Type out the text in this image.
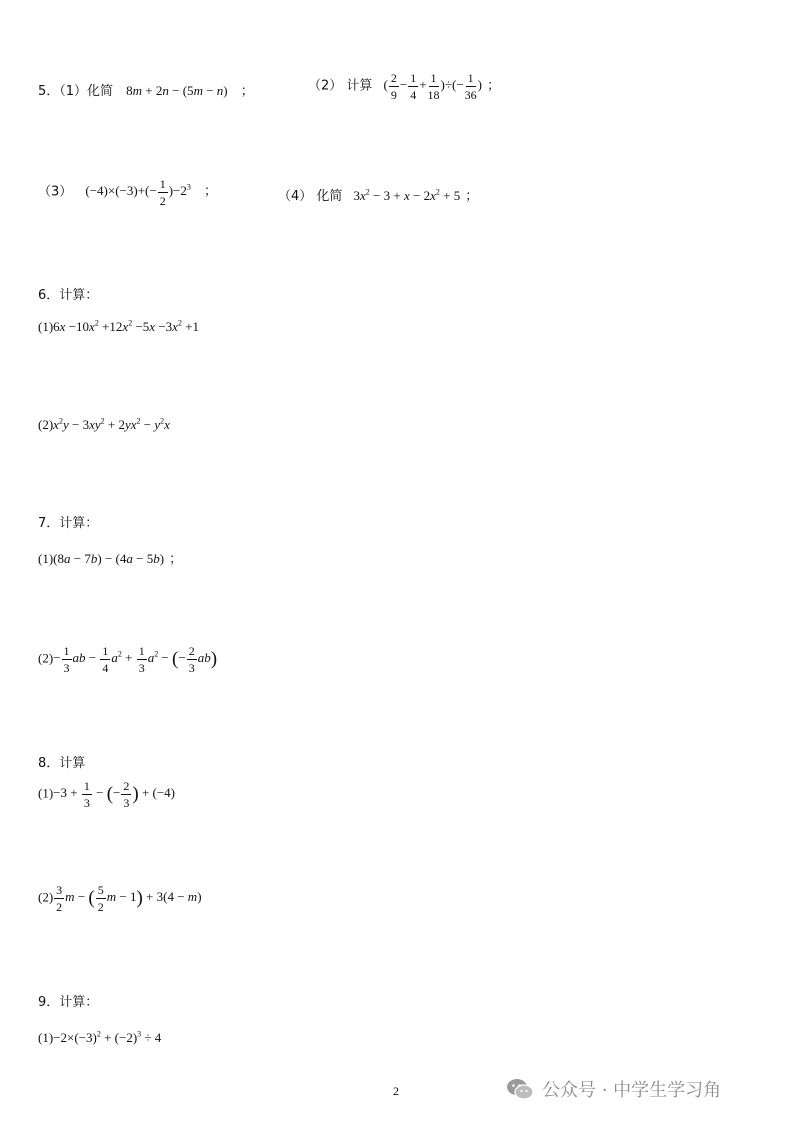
5．（1）化简 8m + 2n − (5m − n) ；	（2） 计算 ( $\frac{2}{9} - \frac{1}{4} + \frac{1}{18}$ )÷(− $\frac{1}{36}$ ) ；
（3） $(-4)\times(-3)+(- \frac{1}{2} )-2^3$ ；	（4） 化简 $3x^2 - 3 + x - 2x^2 + 5$ ；
6．计算：
$(1)6x -10x^2 +12x^2 -5x -3x^2 +1$
$(2)x^2y - 3xy^2 + 2yx^2 - y^2x$
7．计算：
(1)(8a − 7b) − (4a − 5b) ；
$(2)- \frac{1}{3}$ ab − $\frac{1}{4} a^2 + \frac{1}{3} a^2$ − (− $\frac{2}{3} ab$)
8．计算
$(1)-3 + \frac{1}{3}$ − (− $\frac{2}{3}$ ) + (−4)
$(2) \frac{3}{2}$ m − ( $\frac{5}{2}$ m − 1) + 3(4 − m)
9．计算：
$(1)-2\times(-3)^2 + (-2)^3 \div 4$
2	公众号 · 中学生学习角
